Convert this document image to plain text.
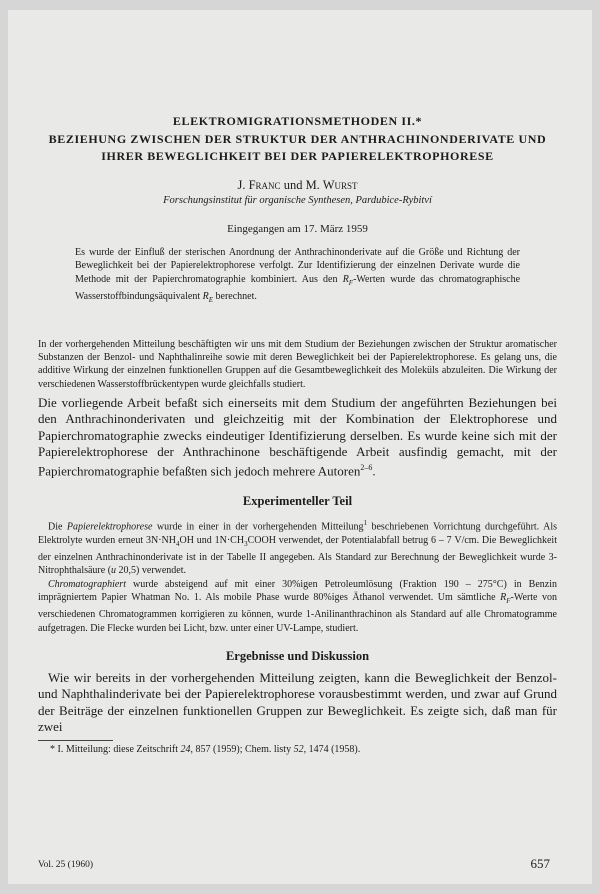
ELEKTROMIGRATIONSMETHODEN II.*

BEZIEHUNG ZWISCHEN DER STRUKTUR DER ANTHRACHINONDERIVATE UND IHRER BEWEGLICHKEIT BEI DER PAPIERELEKTROPHORESE

J. Franc und M. Wurst

Forschungsinstitut für organische Synthesen, Pardubice-Rybitví

Eingegangen am 17. März 1959

Es wurde der Einfluß der sterischen Anordnung der Anthrachinonderivate auf die Größe und Richtung der Beweglichkeit bei der Papierelektrophorese verfolgt. Zur Identifizierung der einzelnen Derivate wurde die Methode mit der Papierchromatographie kombiniert. Aus den $R_F$-Werten wurde das chromatographische Wasserstoffbindungsäquivalent $R_E$ berechnet.
In der vorhergehenden Mitteilung beschäftigten wir uns mit dem Studium der Beziehungen zwischen der Struktur aromatischer Substanzen der Benzol- und Naphthalinreihe sowie mit deren Beweglichkeit bei der Papierelektrophorese. Es gelang uns, die additive Wirkung der einzelnen funktionellen Gruppen auf die Gesamtbeweglichkeit des Moleküls abzuleiten. Die Wirkung der verschiedenen Wasserstoffbrückentypen wurde gleichfalls studiert.
Die vorliegende Arbeit befaßt sich einerseits mit dem Studium der angeführten Beziehungen bei den Anthrachinonderivaten und gleichzeitig mit der Kombination der Elektrophorese und Papierchromatographie zwecks eindeutiger Identifizierung derselben. Es wurde keine sich mit der Papierelektrophorese der Anthrachinone beschäftigende Arbeit ausfindig gemacht, mit der Papierchromatographie befaßten sich jedoch mehrere Autoren$^{2-6}$.

Experimenteller Teil

Die Papierelektrophorese wurde in einer in der vorhergehenden Mitteilung$^1$ beschriebenen Vorrichtung durchgeführt. Als Elektrolyte wurden erneut $3N\cdot NH_4OH$ und $1N\cdot CH_3COOH$ verwendet, der Potentialabfall betrug 6 – 7 V/cm. Die Beweglichkeit der einzelnen Anthrachinonderivate ist in der Tabelle II angegeben. Als Standard zur Berechnung der Beweglichkeit wurde 3-Nitrophthalsäure (u 20,5) verwendet.

Chromatographiert wurde absteigend auf mit einer 30%igen Petroleumlösung (Fraktion 190 – 275°C) in Benzin imprägniertem Papier Whatman No. 1. Als mobile Phase wurde 80%iges Äthanol verwendet. Um sämtliche $R_F$-Werte von verschiedenen Chromatogrammen korrigieren zu können, wurde 1-Anilinanthrachinon als Standard auf alle Chromatogramme aufgetragen. Die Flecke wurden bei Licht, bzw. unter einer UV-Lampe, studiert.

Ergebnisse und Diskussion

Wie wir bereits in der vorhergehenden Mitteilung zeigten, kann die Beweglichkeit der Benzol- und Naphthalinderivate bei der Papierelektrophorese vorausbestimmt werden, und zwar auf Grund der Beiträge der einzelnen funktionellen Gruppen zur Beweglichkeit. Es zeigte sich, daß man für zwei
* I. Mitteilung: diese Zeitschrift 24, 857 (1959); Chem. listy 52, 1474 (1958).
Vol. 25 (1960)	657
